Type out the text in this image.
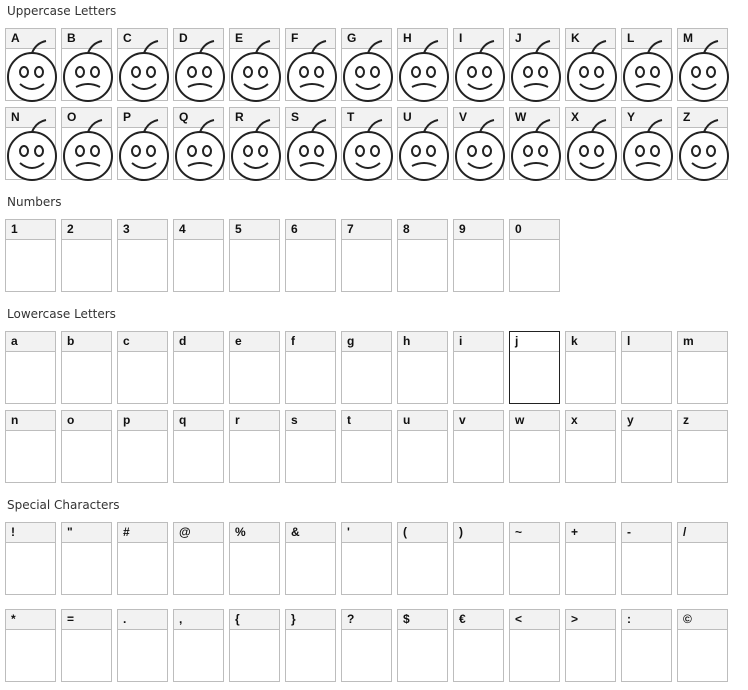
Uppercase Letters
A	B	C	D	E	F	G	H	I	J	K	L	M
N	O	P	Q	R	S	T	U	V	W	X	Y	Z
Numbers
1	2	3	4	5	6	7	8	9	0
Lowercase Letters
a	b	c	d	e	f	g	h	i	j	k	l	m
n	o	p	q	r	s	t	u	v	w	x	y	z
Special Characters
!	"	#	@	%	&	'	(	)	~	+	-	/
*	=	.	,	{	}	?	$	€	<	>	:	©
